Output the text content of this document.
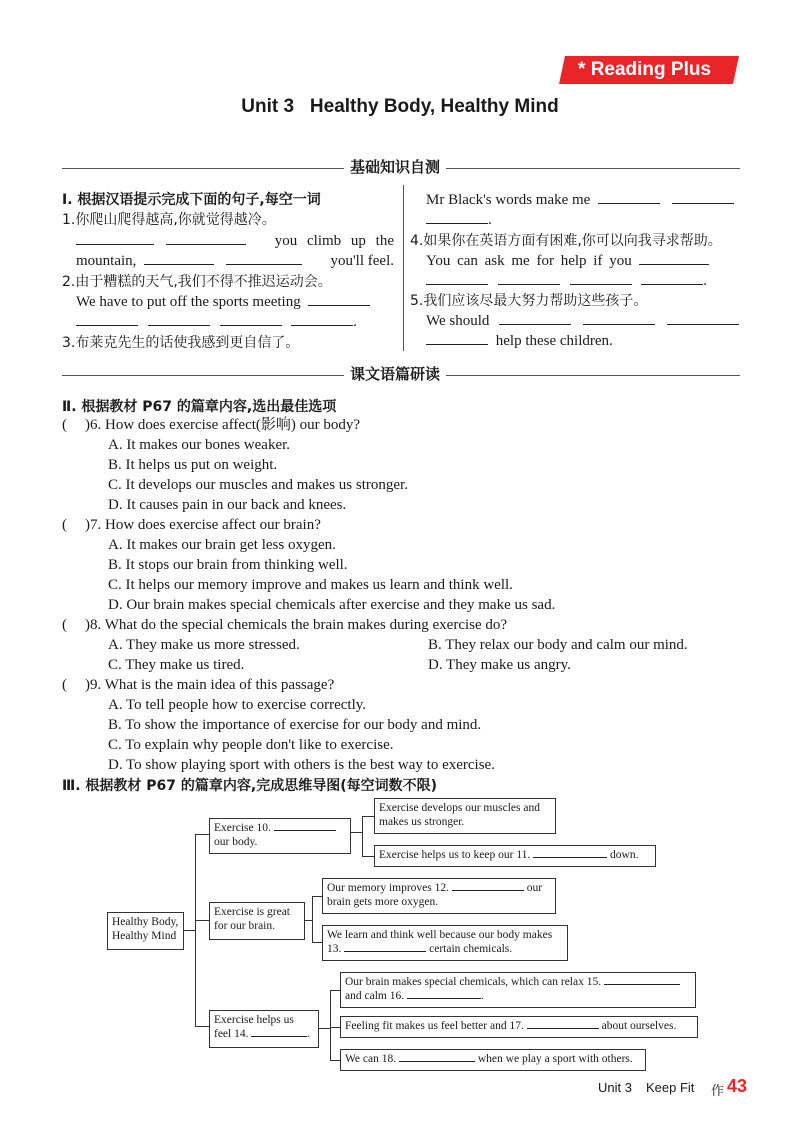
* Reading Plus
Unit 3   Healthy Body, Healthy Mind
基础知识自测
Ⅰ. 根据汉语提示完成下面的句子,每空一词
1.你爬山爬得越高,你就觉得越冷。

you climb up the
mountain,	you'll feel.
2.由于糟糕的天气,我们不得不推迟运动会。
We have to put off the sports meeting
.
3.布莱克先生的话使我感到更自信了。
Mr Black's words make me
.
4.如果你在英语方面有困难,你可以向我寻求帮助。
You can ask me for help if you
.
5.我们应该尽最大努力帮助这些孩子。
We should
help these children.
课文语篇研读
Ⅱ. 根据教材 P67 的篇章内容,选出最佳选项
( )6. How does exercise affect(影响) our body?
A. It makes our bones weaker.
B. It helps us put on weight.
C. It develops our muscles and makes us stronger.
D. It causes pain in our back and knees.
( )7. How does exercise affect our brain?
A. It makes our brain get less oxygen.
B. It stops our brain from thinking well.
C. It helps our memory improve and makes us learn and think well.
D. Our brain makes special chemicals after exercise and they make us sad.
( )8. What do the special chemicals the brain makes during exercise do?
A. They make us more stressed.	B. They relax our body and calm our mind.
C. They make us tired.	D. They make us angry.
( )9. What is the main idea of this passage?
A. To tell people how to exercise correctly.
B. To show the importance of exercise for our body and mind.
C. To explain why people don't like to exercise.
D. To show playing sport with others is the best way to exercise.
Ⅲ. 根据教材 P67 的篇章内容,完成思维导图(每空词数不限)
Healthy Body,
Healthy Mind
Exercise 10.
our body.
Exercise develops our muscles and
makes us stronger.
Exercise helps us to keep our 11.	down.
Exercise is great
for our brain.
Our memory improves 12.	our
brain gets more oxygen.
We learn and think well because our body makes
13.	certain chemicals.
Exercise helps us
feel 14.	.
Our brain makes special chemicals, which can relax 15.
and calm 16.	.
Feeling fit makes us feel better and 17.	about ourselves.
We can 18.	when we play a sport with others.
Unit 3 Keep Fit 作 43
